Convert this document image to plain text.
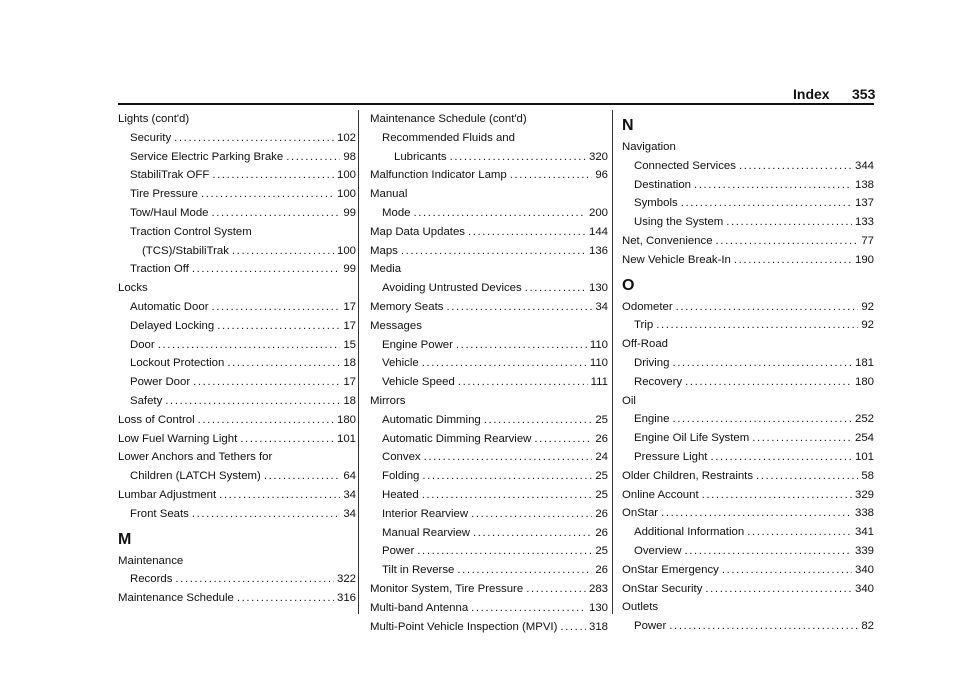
Index 353
Lights (cont'd)
Security .....	102
Service Electric Parking Brake .....	98
StabiliTrak OFF .....	100
Tire Pressure .....	100
Tow/Haul Mode .....	99
Traction Control System
(TCS)/StabiliTrak .....	100
Traction Off .....	99
Locks
Automatic Door .....	17
Delayed Locking .....	17
Door .....	15
Lockout Protection .....	18
Power Door .....	17
Safety .....	18
Loss of Control .....	180
Low Fuel Warning Light .....	101
Lower Anchors and Tethers for
Children (LATCH System) .....	64
Lumbar Adjustment .....	34
Front Seats .....	34
M
Maintenance
Records .....	322
Maintenance Schedule .....	316
Maintenance Schedule (cont'd)
Recommended Fluids and
Lubricants .....	320
Malfunction Indicator Lamp .....	96
Manual
Mode .....	200
Map Data Updates .....	144
Maps .....	136
Media
Avoiding Untrusted Devices .....	130
Memory Seats .....	34
Messages
Engine Power .....	110
Vehicle .....	110
Vehicle Speed .....	111
Mirrors
Automatic Dimming .....	25
Automatic Dimming Rearview .....	26
Convex .....	24
Folding .....	25
Heated .....	25
Interior Rearview .....	26
Manual Rearview .....	26
Power .....	25
Tilt in Reverse .....	26
Monitor System, Tire Pressure .....	283
Multi-band Antenna .....	130
Multi-Point Vehicle Inspection (MPVI) .....	318
N
Navigation
Connected Services .....	344
Destination .....	138
Symbols .....	137
Using the System .....	133
Net, Convenience .....	77
New Vehicle Break-In .....	190
O
Odometer .....	92
Trip .....	92
Off-Road
Driving .....	181
Recovery .....	180
Oil
Engine .....	252
Engine Oil Life System .....	254
Pressure Light .....	101
Older Children, Restraints .....	58
Online Account .....	329
OnStar .....	338
Additional Information .....	341
Overview .....	339
OnStar Emergency .....	340
OnStar Security .....	340
Outlets
Power .....	82
